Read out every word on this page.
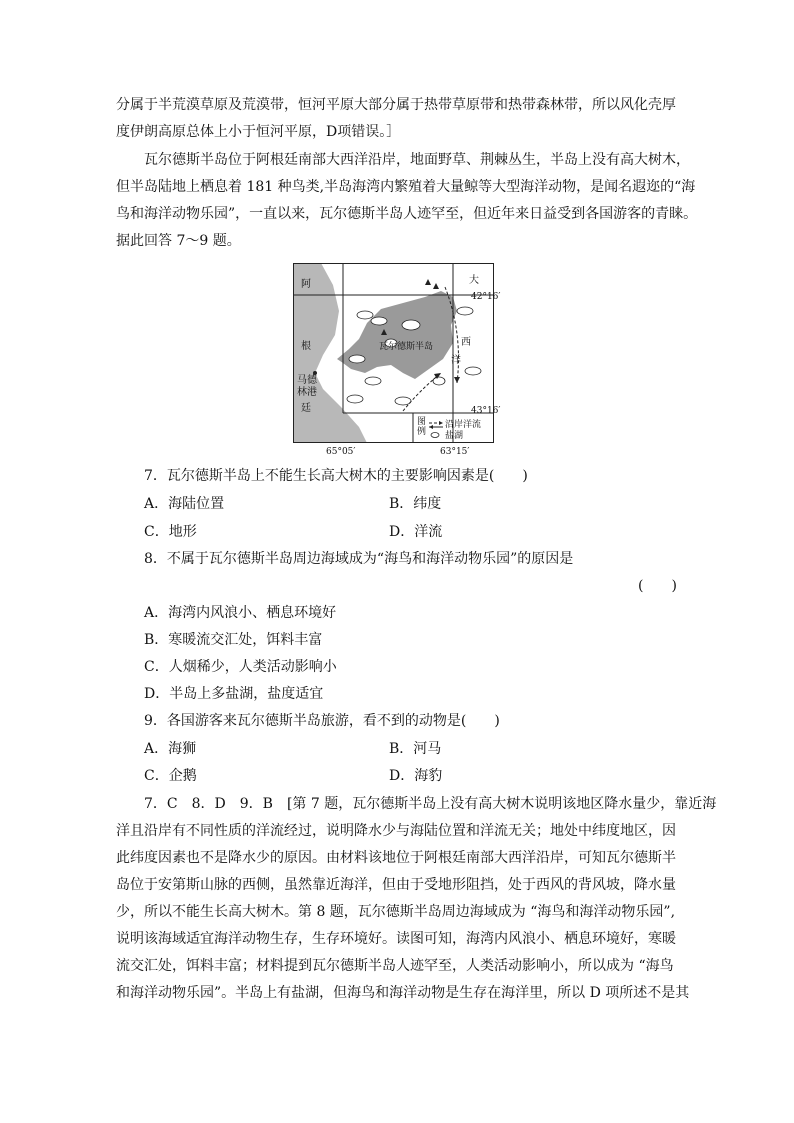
分属于半荒漠草原及荒漠带，恒河平原大部分属于热带草原带和热带森林带，所以风化壳厚
度伊朗高原总体上小于恒河平原，D项错误。］
瓦尔德斯半岛位于阿根廷南部大西洋沿岸，地面野草、荆棘丛生，半岛上没有高大树木，
但半岛陆地上栖息着 181 种鸟类,半岛海湾内繁殖着大量鲸等大型海洋动物，是闻名遐迩的“海
鸟和海洋动物乐园”，一直以来，瓦尔德斯半岛人迹罕至，但近年来日益受到各国游客的青睐。
据此回答 7～9 题。
阿
根
马德
林港
廷
瓦尔德斯半岛
大
西
洋
42°16′
43°16′
图
例
沿岸洋流
盐湖
65°05′	63°15′
7．瓦尔德斯半岛上不能生长高大树木的主要影响因素是(　　)
A．海陆位置	B．纬度
C．地形	D．洋流
8．不属于瓦尔德斯半岛周边海域成为“海鸟和海洋动物乐园”的原因是
(　　)
A．海湾内风浪小、栖息环境好
B．寒暖流交汇处，饵料丰富
C．人烟稀少，人类活动影响小
D．半岛上多盐湖，盐度适宜
9．各国游客来瓦尔德斯半岛旅游，看不到的动物是(　　)
A．海狮	B．河马
C．企鹅	D．海豹
7．C　8．D　9．B　[第 7 题，瓦尔德斯半岛上没有高大树木说明该地区降水量少，靠近海
洋且沿岸有不同性质的洋流经过，说明降水少与海陆位置和洋流无关；地处中纬度地区，因
此纬度因素也不是降水少的原因。由材料该地位于阿根廷南部大西洋沿岸，可知瓦尔德斯半
岛位于安第斯山脉的西侧，虽然靠近海洋，但由于受地形阻挡，处于西风的背风坡，降水量
少，所以不能生长高大树木。第 8 题，瓦尔德斯半岛周边海域成为 “海鸟和海洋动物乐园”,
说明该海域适宜海洋动物生存，生存环境好。读图可知，海湾内风浪小、栖息环境好，寒暖
流交汇处，饵料丰富；材料提到瓦尔德斯半岛人迹罕至，人类活动影响小，所以成为 “海鸟
和海洋动物乐园”。半岛上有盐湖，但海鸟和海洋动物是生存在海洋里，所以 D 项所述不是其
